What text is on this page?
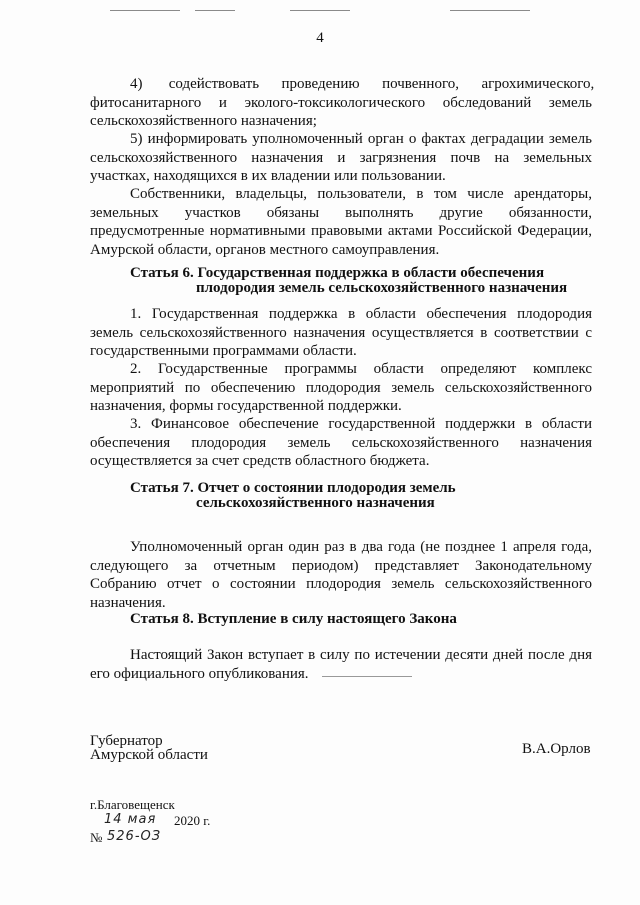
4

4)       содействовать      проведению      почвенного,      агрохимического, фитосанитарного и эколого-токсикологического обследований земель сельскохозяйственного назначения;

5) информировать уполномоченный орган о фактах деградации земель сельскохозяйственного назначения и загрязнения почв на земельных участках, находящихся в их владении или пользовании.

Собственники, владельцы, пользователи, в том числе арендаторы, земельных участков обязаны выполнять другие обязанности, предусмотренные нормативными правовыми актами Российской Федерации, Амурской области, органов местного самоуправления.

Статья 6. Государственная поддержка в области обеспечения
плодородия земель сельскохозяйственного назначения

1. Государственная поддержка в области обеспечения плодородия земель сельскохозяйственного назначения осуществляется в соответствии с государственными программами области.

2. Государственные программы области определяют комплекс мероприятий по обеспечению плодородия земель сельскохозяйственного назначения, формы государственной поддержки.

3. Финансовое обеспечение государственной поддержки в области обеспечения плодородия земель сельскохозяйственного назначения осуществляется за счет средств областного бюджета.

Статья 7. Отчет о состоянии плодородия земель
сельскохозяйственного назначения

Уполномоченный орган один раз в два года (не позднее 1 апреля года, следующего за отчетным периодом) представляет Законодательному Собранию отчет о состоянии плодородия земель сельскохозяйственного назначения.

Статья 8. Вступление в силу настоящего Закона

Настоящий Закон вступает в силу по истечении десяти дней после дня его официального опубликования.

Губернатор

Амурской области	В.А.Орлов

г.Благовещенск
14 мая 2020 г.
№ 526-ОЗ
